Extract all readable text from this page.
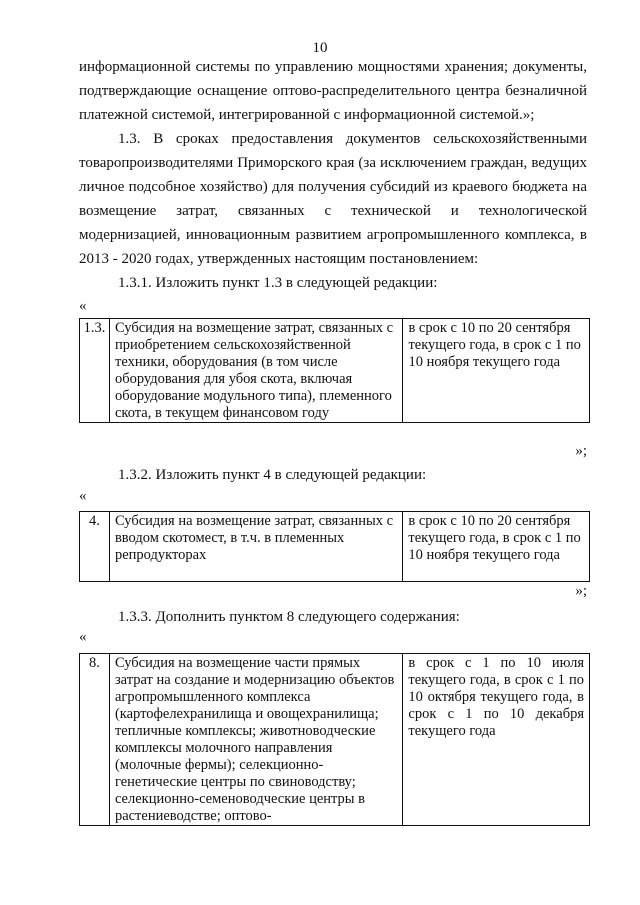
10
информационной системы по управлению мощностями хранения; документы, подтверждающие оснащение оптово-распределительного центра безналичной платежной системой, интегрированной с информационной системой.»;
1.3. В сроках предоставления документов сельскохозяйственными товаропроизводителями Приморского края (за исключением граждан, ведущих личное подсобное хозяйство) для получения субсидий из краевого бюджета на возмещение затрат, связанных с технической и технологической модернизацией, инновационным развитием агропромышленного комплекса, в 2013 - 2020 годах, утвержденных настоящим постановлением:
1.3.1. Изложить пункт 1.3 в следующей редакции:
«
1.3.	Субсидия на возмещение затрат, связанных с приобретением сельскохозяйственной техники, оборудования (в том числе оборудования для убоя скота, включая оборудование модульного типа), племенного скота, в текущем финансовом году	в срок с 10 по 20 сентября текущего года, в срок с 1 по 10 ноября текущего года
»;
1.3.2. Изложить пункт 4 в следующей редакции:
«
4.	Субсидия на возмещение затрат, связанных с вводом скотомест, в т.ч. в племенных репродукторах	в срок с 10 по 20 сентября текущего года, в срок с 1 по 10 ноября текущего года
»;
1.3.3. Дополнить пунктом 8 следующего содержания:
«
8.	Субсидия на возмещение части прямых затрат на создание и модернизацию объектов агропромышленного комплекса (картофелехранилища и овощехранилища; тепличные комплексы; животноводческие комплексы молочного направления (молочные фермы); селекционно-генетические центры по свиноводству; селекционно-семеноводческие центры в растениеводстве; оптово-	в срок с 1 по 10 июля текущего года, в срок с 1 по 10 октября текущего года, в срок с 1 по 10 декабря текущего года
